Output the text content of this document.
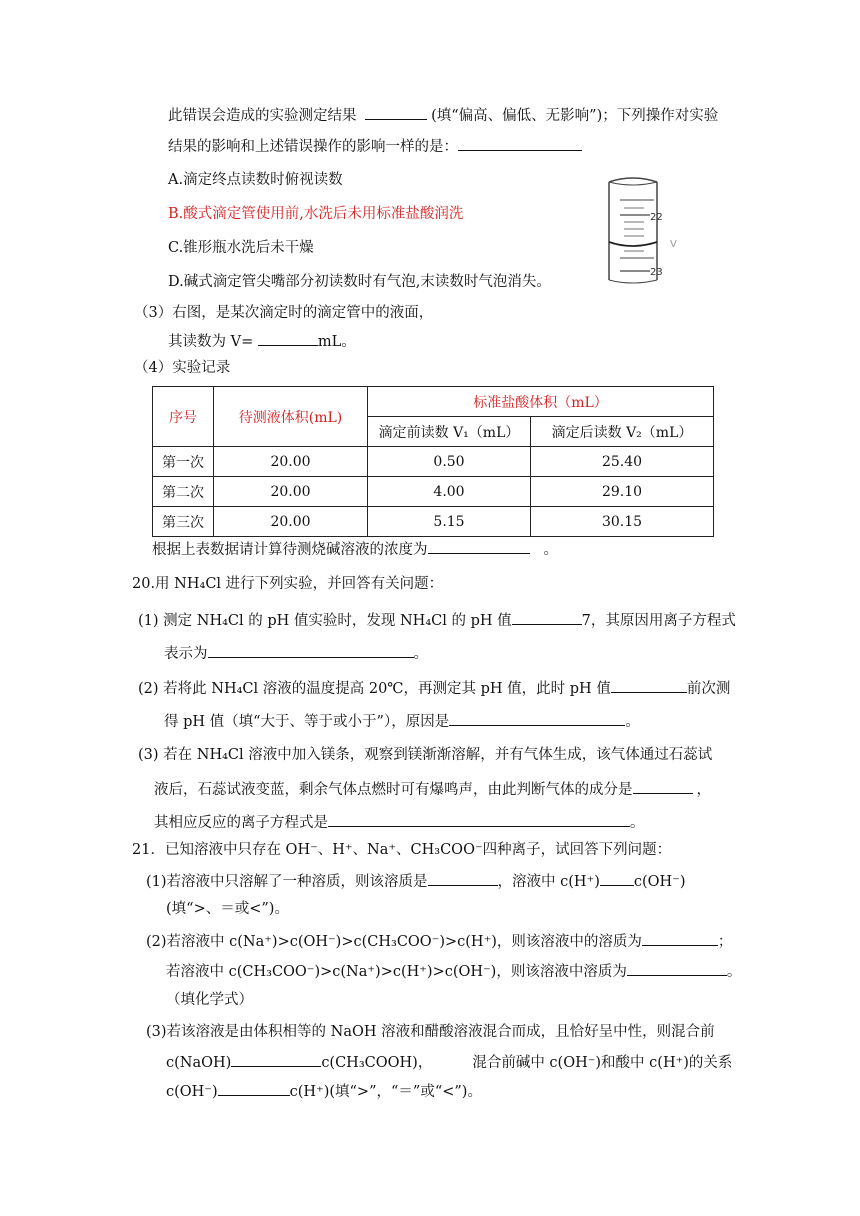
此错误会造成的实验测定结果	(填“偏高、偏低、无影响”)；下列操作对实验
结果的影响和上述错误操作的影响一样的是：
A.滴定终点读数时俯视读数
B.酸式滴定管使用前,水洗后未用标准盐酸润洗
C.锥形瓶水洗后未干燥
D.碱式滴定管尖嘴部分初读数时有气泡,末读数时气泡消失。
22
23
V
（3）右图，是某次滴定时的滴定管中的液面，
其读数为 V=	mL。
（4）实验记录
序号	待测液体积(mL)	标准盐酸体积（mL）	
		滴定前读数 V₁（mL）	滴定后读数 V₂（mL）
第一次	20.00	0.50	25.40
第二次	20.00	4.00	29.10
第三次	20.00	5.15	30.15
根据上表数据请计算待测烧碱溶液的浓度为	。
20.用 NH₄Cl 进行下列实验，并回答有关问题：
(1) 测定 NH₄Cl 的 pH 值实验时，发现 NH₄Cl 的 pH 值	7，其原因用离子方程式
表示为	。
(2) 若将此 NH₄Cl 溶液的温度提高 20℃，再测定其 pH 值，此时 pH 值	前次测
得 pH 值（填“大于、等于或小于”），原因是	。
(3) 若在 NH₄Cl 溶液中加入镁条，观察到镁渐渐溶解，并有气体生成，该气体通过石蕊试
液后，石蕊试液变蓝，剩余气体点燃时可有爆鸣声，由此判断气体的成分是	，
其相应反应的离子方程式是	。
21．已知溶液中只存在 OH⁻、H⁺、Na⁺、CH₃COO⁻四种离子，试回答下列问题：
(1)若溶液中只溶解了一种溶质，则该溶质是	，溶液中 c(H⁺) c(OH⁻)
(填“>、＝或<”)。
(2)若溶液中 c(Na⁺)>c(OH⁻)>c(CH₃COO⁻)>c(H⁺)，则该溶液中的溶质为	；
若溶液中 c(CH₃COO⁻)>c(Na⁺)>c(H⁺)>c(OH⁻)，则该溶液中溶质为	。
（填化学式）
(3)若该溶液是由体积相等的 NaOH 溶液和醋酸溶液混合而成，且恰好呈中性，则混合前
c(NaOH)	c(CH₃COOH)，	混合前碱中 c(OH⁻)和酸中 c(H⁺)的关系
c(OH⁻)	c(H⁺)(填“>”，“＝”或“<”)。
